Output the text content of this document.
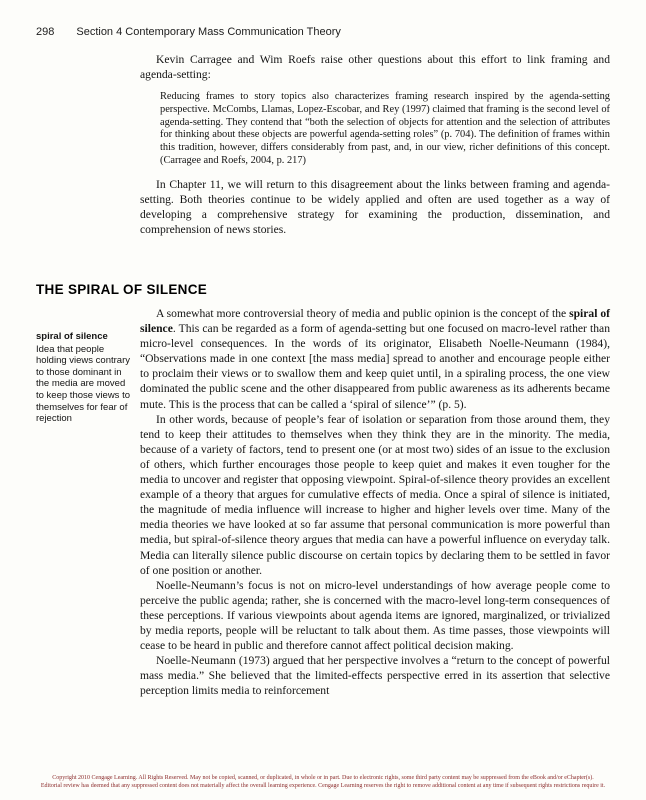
298 Section 4 Contemporary Mass Communication Theory

Kevin Carragee and Wim Roefs raise other questions about this effort to link framing and agenda-setting:

Reducing frames to story topics also characterizes framing research inspired by the agenda-setting perspective. McCombs, Llamas, Lopez-Escobar, and Rey (1997) claimed that framing is the second level of agenda-setting. They contend that “both the selection of objects for attention and the selection of attributes for thinking about these objects are powerful agenda-setting roles” (p. 704). The definition of frames within this tradition, however, differs considerably from past, and, in our view, richer definitions of this concept. (Carragee and Roefs, 2004, p. 217)

In Chapter 11, we will return to this disagreement about the links between framing and agenda-setting. Both theories continue to be widely applied and often are used together as a way of developing a comprehensive strategy for examining the production, dissemination, and comprehension of news stories.

THE SPIRAL OF SILENCE
spiral of silence
Idea that people holding views contrary to those dominant in the media are moved to keep those views to themselves for fear of rejection

A somewhat more controversial theory of media and public opinion is the concept of the spiral of silence. This can be regarded as a form of agenda-setting but one focused on macro-level rather than micro-level consequences. In the words of its originator, Elisabeth Noelle-Neumann (1984), “Observations made in one context [the mass media] spread to another and encourage people either to proclaim their views or to swallow them and keep quiet until, in a spiraling process, the one view dominated the public scene and the other disappeared from public awareness as its adherents became mute. This is the process that can be called a ‘spiral of silence’” (p. 5).

In other words, because of people’s fear of isolation or separation from those around them, they tend to keep their attitudes to themselves when they think they are in the minority. The media, because of a variety of factors, tend to present one (or at most two) sides of an issue to the exclusion of others, which further encourages those people to keep quiet and makes it even tougher for the media to uncover and register that opposing viewpoint. Spiral-of-silence theory provides an excellent example of a theory that argues for cumulative effects of media. Once a spiral of silence is initiated, the magnitude of media influence will increase to higher and higher levels over time. Many of the media theories we have looked at so far assume that personal communication is more powerful than media, but spiral-of-silence theory argues that media can have a powerful influence on everyday talk. Media can literally silence public discourse on certain topics by declaring them to be settled in favor of one position or another.

Noelle-Neumann’s focus is not on micro-level understandings of how average people come to perceive the public agenda; rather, she is concerned with the macro-level long-term consequences of these perceptions. If various viewpoints about agenda items are ignored, marginalized, or trivialized by media reports, people will be reluctant to talk about them. As time passes, those viewpoints will cease to be heard in public and therefore cannot affect political decision making.

Noelle-Neumann (1973) argued that her perspective involves a “return to the concept of powerful mass media.” She believed that the limited-effects perspective erred in its assertion that selective perception limits media to reinforcement

Copyright 2010 Cengage Learning. All Rights Reserved. May not be copied, scanned, or duplicated, in whole or in part. Due to electronic rights, some third party content may be suppressed from the eBook and/or eChapter(s).
Editorial review has deemed that any suppressed content does not materially affect the overall learning experience. Cengage Learning reserves the right to remove additional content at any time if subsequent rights restrictions require it.
